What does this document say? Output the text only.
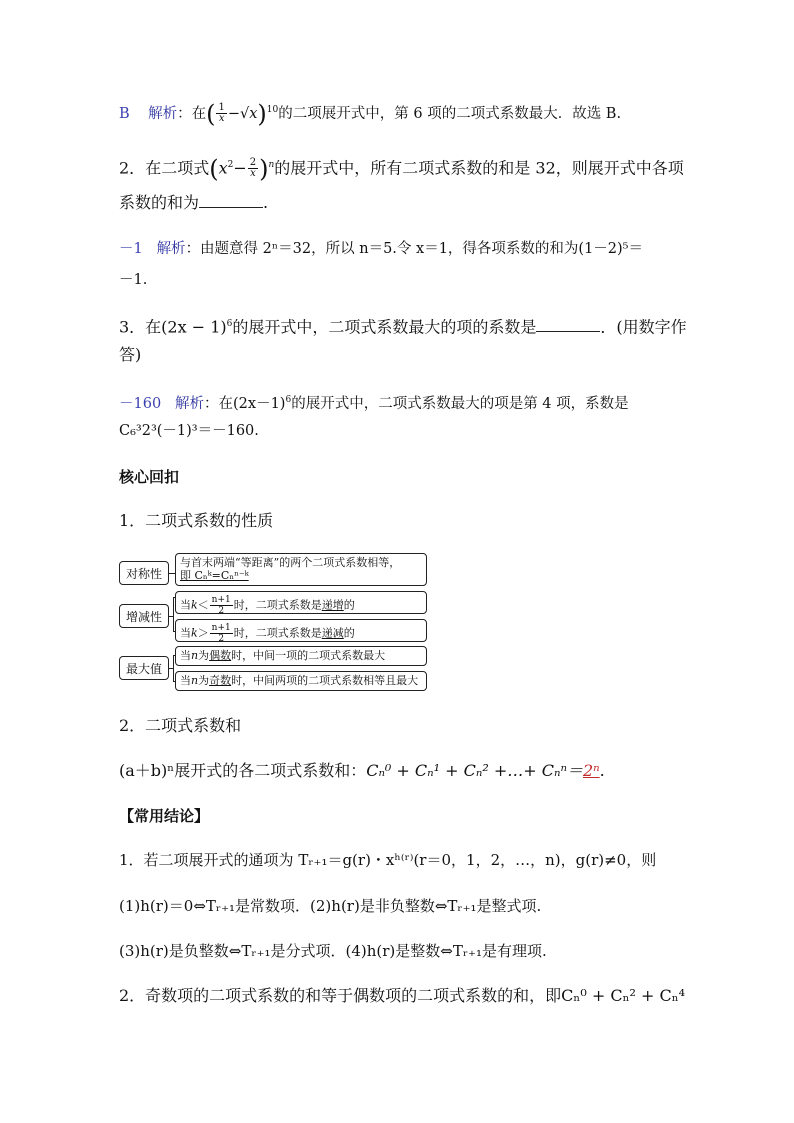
B 解析：在( $\frac{1}{x} -√x)^{10}$的二项展开式中，第 6 项的二项式系数最大．故选 B.
2．在二项式$(x^2- \frac{2}{x} )^n$的展开式中，所有二项式系数的和是 32，则展开式中各项
系数的和为	.
－1 解析：由题意得 2ⁿ＝32，所以 n＝5.令 x＝1，得各项系数的和为(1－2)⁵＝
－1.
3．在$(2x - 1)^6$的展开式中，二项式系数最大的项的系数是	．(用数字作
答)
－160 解析：在$(2x-1)^6$的展开式中，二项式系数最大的项是第 4 项，系数是
C₆³2³(－1)³＝－160.
核心回扣
1．二项式系数的性质
对称性
增减性
最大值
与首末两端“等距离”的两个二项式系数相等，
即 Cₙᵏ=Cₙⁿ⁻ᵏ
当$k< \frac{n+1}{2}$ 时，二项式系数是递增的
当$k> \frac{n+1}{2}$ 时，二项式系数是递减的
当n为偶数时，中间一项的二项式系数最大
当n为奇数时，中间两项的二项式系数相等且最大
2．二项式系数和
(a＋b)ⁿ展开式的各二项式系数和：Cₙ⁰ + Cₙ¹ + Cₙ² +…+ Cₙⁿ＝2ⁿ.
【常用结论】
1．若二项展开式的通项为 Tᵣ₊₁＝g(r)・xʰ⁽ʳ⁾(r＝0，1，2，…，n)，g(r)≠0，则
(1)h(r)＝0⇔Tᵣ₊₁是常数项．(2)h(r)是非负整数⇔Tᵣ₊₁是整式项.
(3)h(r)是负整数⇔Tᵣ₊₁是分式项．(4)h(r)是整数⇔Tᵣ₊₁是有理项.
2．奇数项的二项式系数的和等于偶数项的二项式系数的和，即Cₙ⁰ + Cₙ² + Cₙ⁴
